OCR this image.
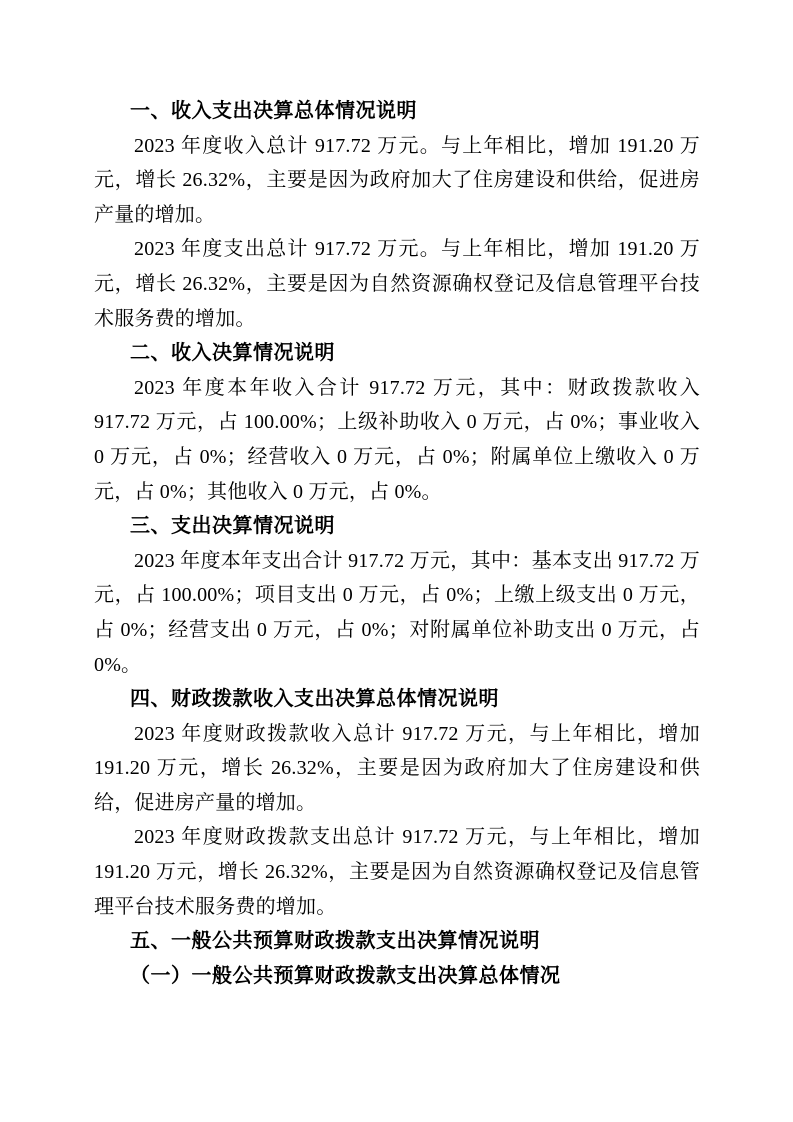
一、收入支出决算总体情况说明

2023 年度收入总计 917.72 万元。与上年相比，增加 191.20 万元，增长 26.32%，主要是因为政府加大了住房建设和供给，促进房产量的增加。

2023 年度支出总计 917.72 万元。与上年相比，增加 191.20 万元，增长 26.32%，主要是因为自然资源确权登记及信息管理平台技术服务费的增加。

二、收入决算情况说明

2023 年度本年收入合计 917.72 万元，其中：财政拨款收入 917.72 万元，占 100.00%；上级补助收入 0 万元，占 0%；事业收入 0 万元，占 0%；经营收入 0 万元，占 0%；附属单位上缴收入 0 万元，占 0%；其他收入 0 万元，占 0%。

三、支出决算情况说明

2023 年度本年支出合计 917.72 万元，其中：基本支出 917.72 万元，占 100.00%；项目支出 0 万元，占 0%；上缴上级支出 0 万元，占 0%；经营支出 0 万元，占 0%；对附属单位补助支出 0 万元，占 0%。

四、财政拨款收入支出决算总体情况说明

2023 年度财政拨款收入总计 917.72 万元，与上年相比，增加 191.20 万元，增长 26.32%，主要是因为政府加大了住房建设和供给，促进房产量的增加。

2023 年度财政拨款支出总计 917.72 万元，与上年相比，增加 191.20 万元，增长 26.32%，主要是因为自然资源确权登记及信息管理平台技术服务费的增加。

五、一般公共预算财政拨款支出决算情况说明
（一）一般公共预算财政拨款支出决算总体情况
